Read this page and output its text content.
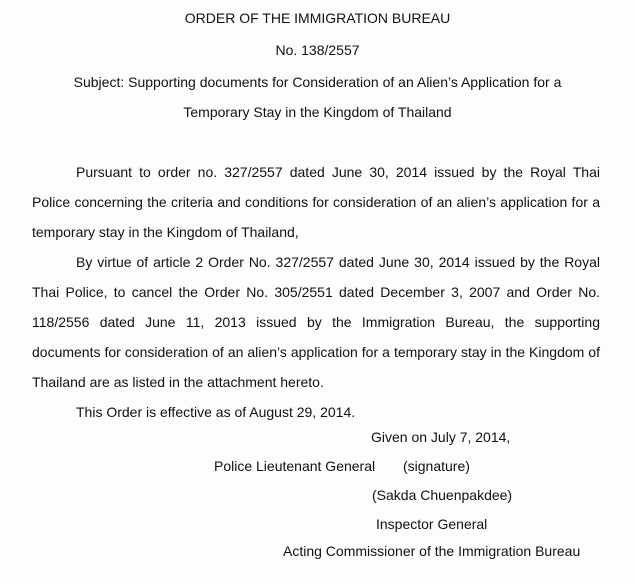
ORDER OF THE IMMIGRATION BUREAU

No. 138/2557

Subject: Supporting documents for Consideration of an Alien’s Application for a

Temporary Stay in the Kingdom of Thailand

Pursuant to order no. 327/2557 dated June 30, 2014 issued by the Royal Thai Police concerning the criteria and conditions for consideration of an alien’s application for a temporary stay in the Kingdom of Thailand,

By virtue of article 2 Order No. 327/2557 dated June 30, 2014 issued by the Royal Thai Police, to cancel the Order No. 305/2551 dated December 3, 2007 and Order No. 118/2556 dated June 11, 2013 issued by the Immigration Bureau, the supporting documents for consideration of an alien’s application for a temporary stay in the Kingdom of Thailand are as listed in the attachment hereto.

This Order is effective as of August 29, 2014.

Given on July 7, 2014,

Police Lieutenant General (signature)

(Sakda Chuenpakdee)

Inspector General

Acting Commissioner of the Immigration Bureau
